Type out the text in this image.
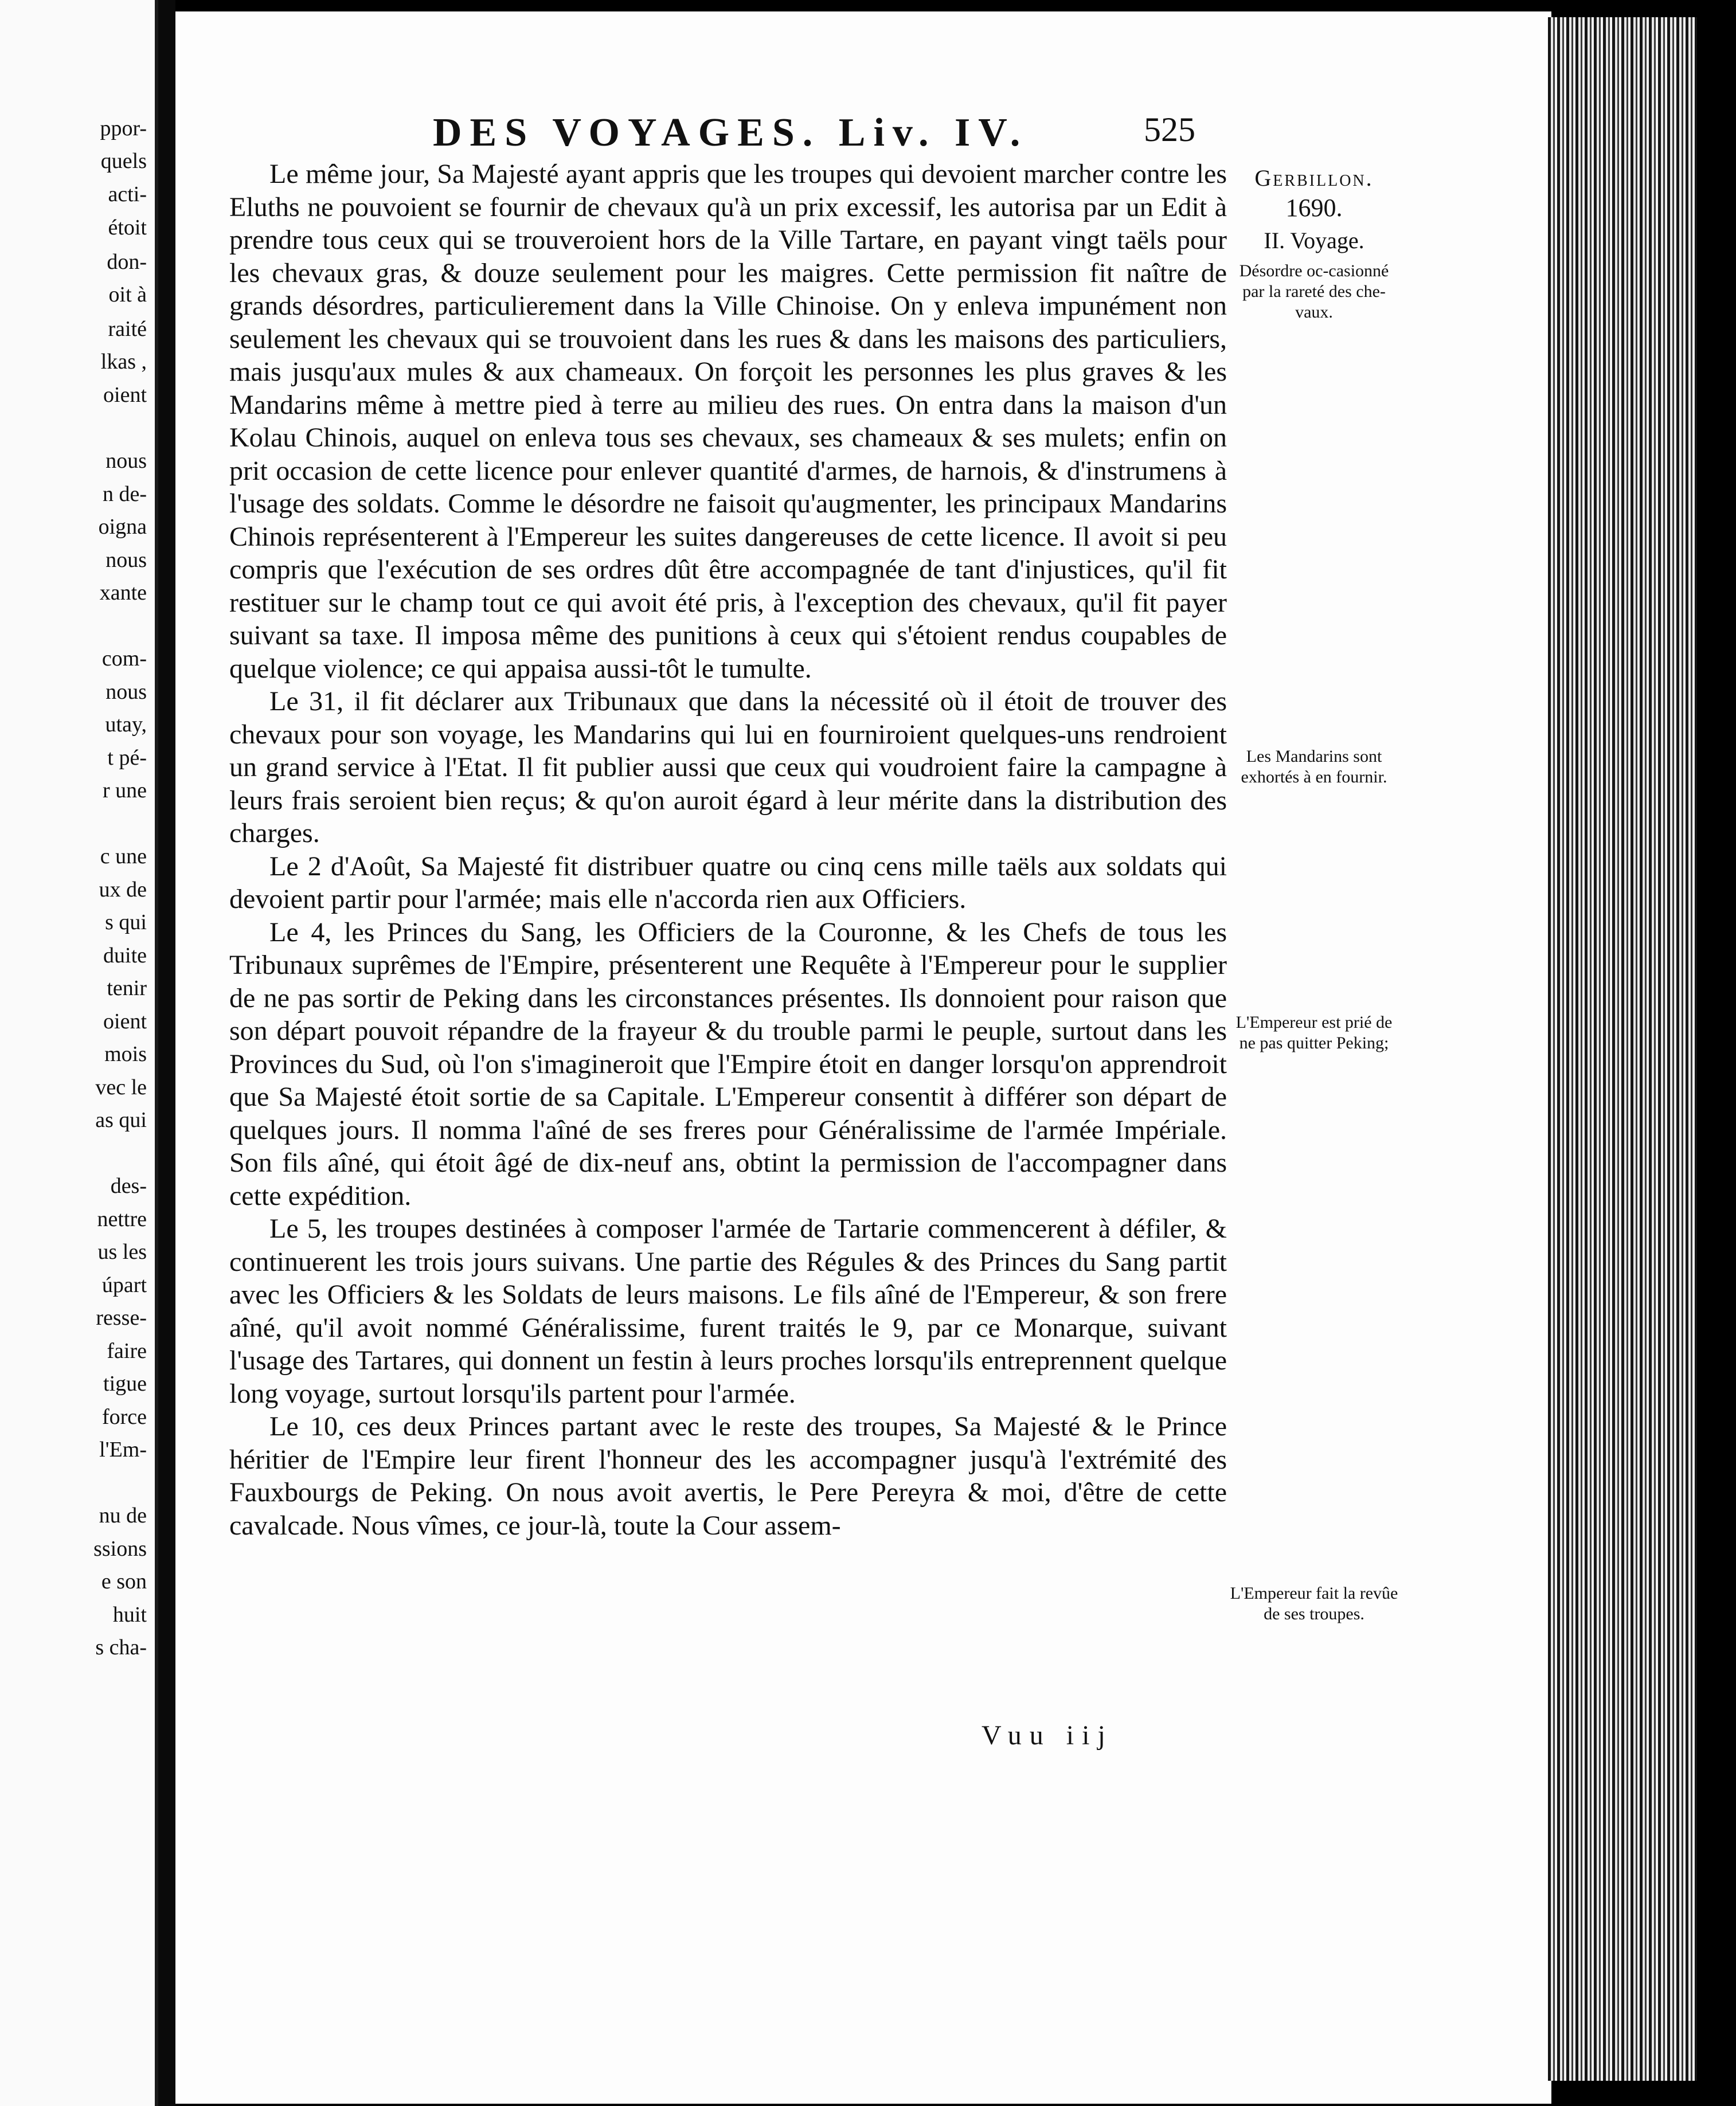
ppor-
quels
acti-
étoit
don-
oit à
raité
lkas ,
oient
nous
n de-
oigna
nous
xante
com-
nous
utay,
t pé-
r une
c une
ux de
s qui
duite
tenir
oient
mois
vec le
as qui
des-
nettre
us les
úpart
resse-
faire
tigue
force
l'Em-
nu de
ssions
e son
huit
s cha-
DES VOYAGES. Liv. IV.	525

Le même jour, Sa Majesté ayant appris que les troupes qui devoient marcher contre les Eluths ne pouvoient se fournir de chevaux qu'à un prix excessif, les autorisa par un Edit à prendre tous ceux qui se trouveroient hors de la Ville Tartare, en payant vingt taëls pour les chevaux gras, & douze seulement pour les maigres. Cette permission fit naître de grands désordres, particulierement dans la Ville Chinoise. On y enleva impunément non seulement les chevaux qui se trouvoient dans les rues & dans les maisons des particuliers, mais jusqu'aux mules & aux chameaux. On forçoit les personnes les plus graves & les Mandarins même à mettre pied à terre au milieu des rues. On entra dans la maison d'un Kolau Chinois, auquel on enleva tous ses chevaux, ses chameaux & ses mulets; enfin on prit occasion de cette licence pour enlever quantité d'armes, de harnois, & d'instrumens à l'usage des soldats. Comme le désordre ne faisoit qu'augmenter, les principaux Mandarins Chinois représenterent à l'Empereur les suites dangereuses de cette licence. Il avoit si peu compris que l'exécution de ses ordres dût être accompagnée de tant d'injustices, qu'il fit restituer sur le champ tout ce qui avoit été pris, à l'exception des chevaux, qu'il fit payer suivant sa taxe. Il imposa même des punitions à ceux qui s'étoient rendus coupables de quelque violence; ce qui appaisa aussi-tôt le tumulte.

Le 31, il fit déclarer aux Tribunaux que dans la nécessité où il étoit de trouver des chevaux pour son voyage, les Mandarins qui lui en fourniroient quelques-uns rendroient un grand service à l'Etat. Il fit publier aussi que ceux qui voudroient faire la campagne à leurs frais seroient bien reçus; & qu'on auroit égard à leur mérite dans la distribution des charges.

Le 2 d'Août, Sa Majesté fit distribuer quatre ou cinq cens mille taëls aux soldats qui devoient partir pour l'armée; mais elle n'accorda rien aux Officiers.

Le 4, les Princes du Sang, les Officiers de la Couronne, & les Chefs de tous les Tribunaux suprêmes de l'Empire, présenterent une Requête à l'Empereur pour le supplier de ne pas sortir de Peking dans les circonstances présentes. Ils donnoient pour raison que son départ pouvoit répandre de la frayeur & du trouble parmi le peuple, surtout dans les Provinces du Sud, où l'on s'imagineroit que l'Empire étoit en danger lorsqu'on apprendroit que Sa Majesté étoit sortie de sa Capitale. L'Empereur consentit à différer son départ de quelques jours. Il nomma l'aîné de ses freres pour Généralissime de l'armée Impériale. Son fils aîné, qui étoit âgé de dix-neuf ans, obtint la permission de l'accompagner dans cette expédition.

Le 5, les troupes destinées à composer l'armée de Tartarie commencerent à défiler, & continuerent les trois jours suivans. Une partie des Régules & des Princes du Sang partit avec les Officiers & les Soldats de leurs maisons. Le fils aîné de l'Empereur, & son frere aîné, qu'il avoit nommé Généralissime, furent traités le 9, par ce Monarque, suivant l'usage des Tartares, qui donnent un festin à leurs proches lorsqu'ils entreprennent quelque long voyage, surtout lorsqu'ils partent pour l'armée.

Le 10, ces deux Princes partant avec le reste des troupes, Sa Majesté & le Prince héritier de l'Empire leur firent l'honneur des les accompagner jusqu'à l'extrémité des Fauxbourgs de Peking. On nous avoit avertis, le Pere Pereyra & moi, d'être de cette cavalcade. Nous vîmes, ce jour-là, toute la Cour assem-

Gerbillon.
1690.
II. Voyage.
Désordre oc-casionné par la rareté des che-vaux.
Les Mandarins sont exhortés à en fournir.
L'Empereur est prié de ne pas quitter Peking;
L'Empereur fait la revûe de ses troupes.
Vuu iij
